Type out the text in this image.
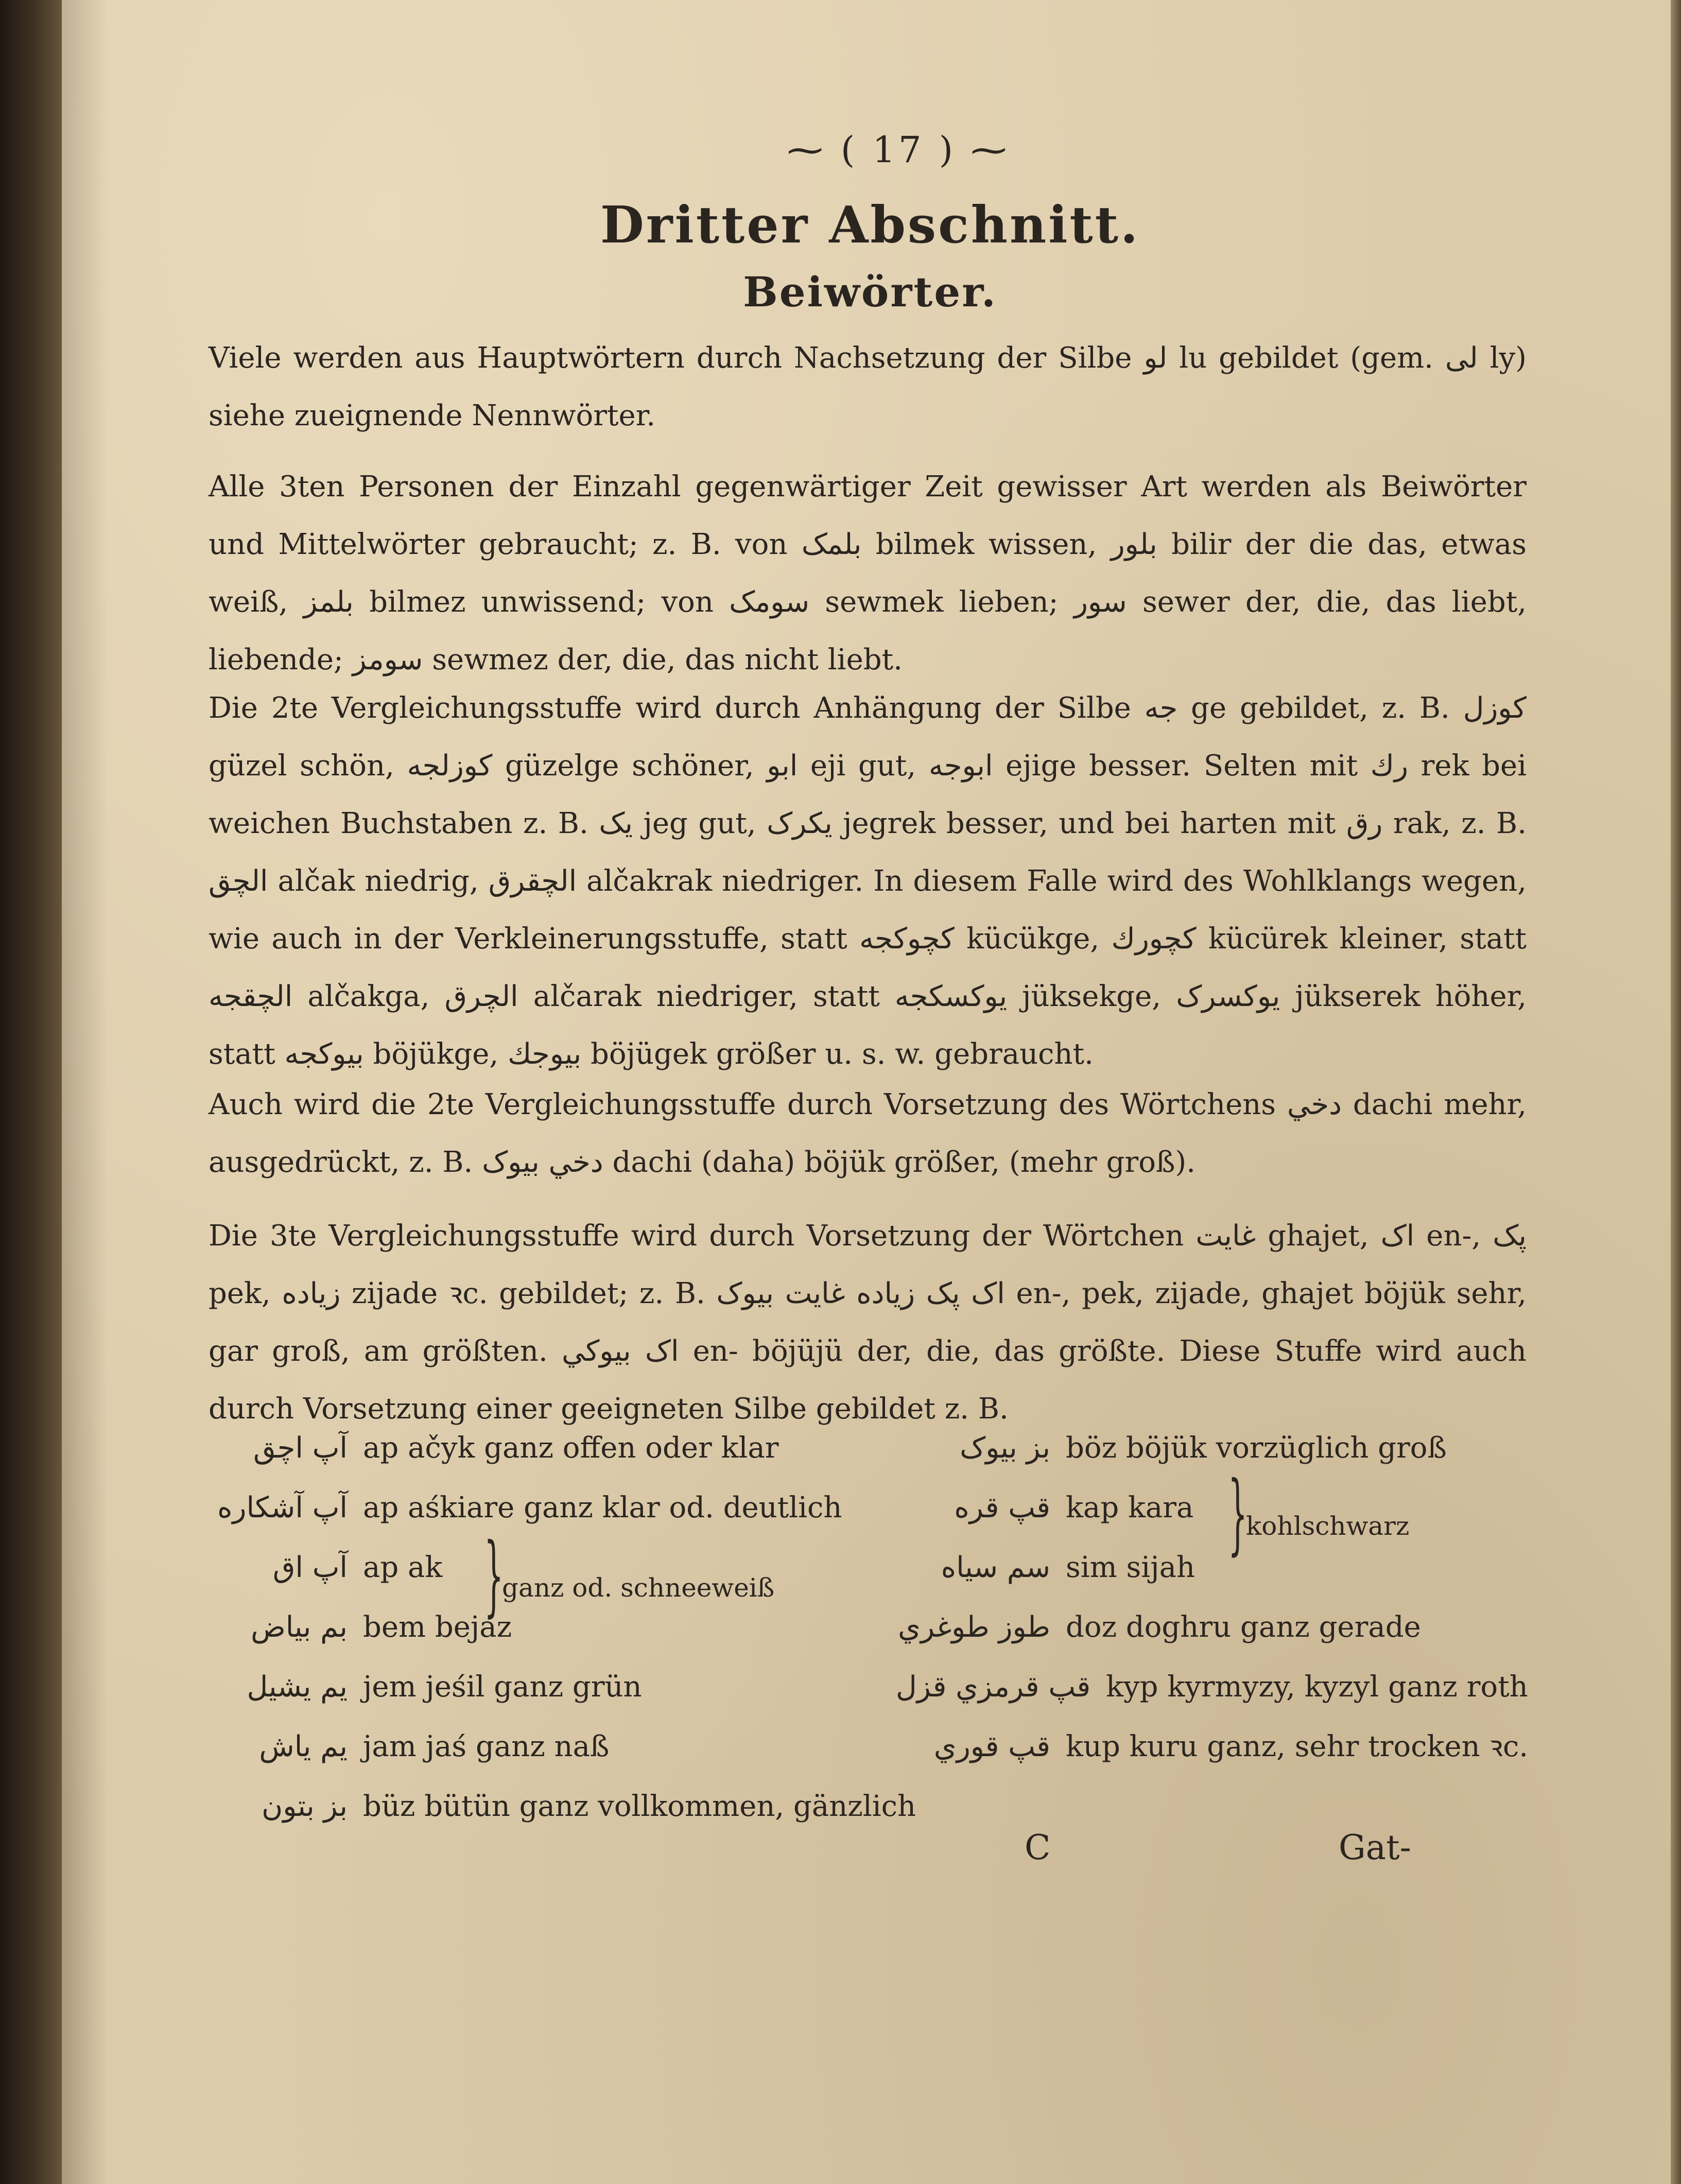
⁓ ( 17 ) ⁓
Dritter Abschnitt.
Beiwörter.
Viele werden aus Hauptwörtern durch Nachsetzung der Silbe لو lu gebildet (gem. لی ly) siehe zueignende Nennwörter.
Alle 3ten Personen der Einzahl gegenwärtiger Zeit gewisser Art werden als Beiwörter und Mittelwörter gebraucht; z. B. von بلمک bilmek wissen, بلور bilir der die das, etwas weiß, بلمز bilmez unwissend; von سومک sewmek lieben; سور sewer der, die, das liebt, liebende; سومز sewmez der, die, das nicht liebt.
Die 2te Vergleichungsstuffe wird durch Anhängung der Silbe جه ge gebildet, z. B. كوزل güzel schön, كوزلجه güzelge schöner, ابو eji gut, ابوجه ejige besser. Selten mit رك rek bei weichen Buchstaben z. B. يک jeg gut, يكرک jegrek besser, und bei harten mit رق rak, z. B. الچق alčak niedrig, الچقرق alčakrak niedriger. In diesem Falle wird des Wohlklangs wegen, wie auch in der Verkleinerungsstuffe, statt كچوكجه kücükge, كچورك kücürek kleiner, statt الچقجه alčakga, الچرق alčarak niedriger, statt يوكسكجه jüksekge, يوكسرک jükserek höher, statt بيوكجه böjükge, بيوجك böjügek größer u. s. w. gebraucht.
Auch wird die 2te Vergleichungsstuffe durch Vorsetzung des Wörtchens دخي dachi mehr, ausgedrückt, z. B. دخي بيوک dachi (daha) böjük größer, (mehr groß).
Die 3te Vergleichungsstuffe wird durch Vorsetzung der Wörtchen غايت ghajet, اک en-, پک pek, زياده zijade ꝛc. gebildet; z. B. اک پک زياده غايت بيوک en-, pek, zijade, ghajet böjük sehr, gar groß, am größten. اک بيوکي en- böjüjü der, die, das größte. Diese Stuffe wird auch durch Vorsetzung einer geeigneten Silbe gebildet z. B.
آپ اچق ap ačyk ganz offen oder klar
آپ آشكاره ap aśkiare ganz klar od. deutlich
آپ اق ap ak
بم بياض bem bejaz
يم يشيل jem jeśil ganz grün
يم ياش jam jaś ganz naß
بز بتون büz bütün ganz vollkommen, gänzlich
}
ganz od. schneeweiß
بز بيوک böz böjük vorzüglich groß
قپ قره kap kara
سم سياه sim sijah
طوز طوغري doz doghru ganz gerade
قپ قرمزي قزل kyp kyrmyzy, kyzyl ganz roth
قپ قوري kup kuru ganz, sehr trocken ꝛc.
}
kohlschwarz
C	Gat-
